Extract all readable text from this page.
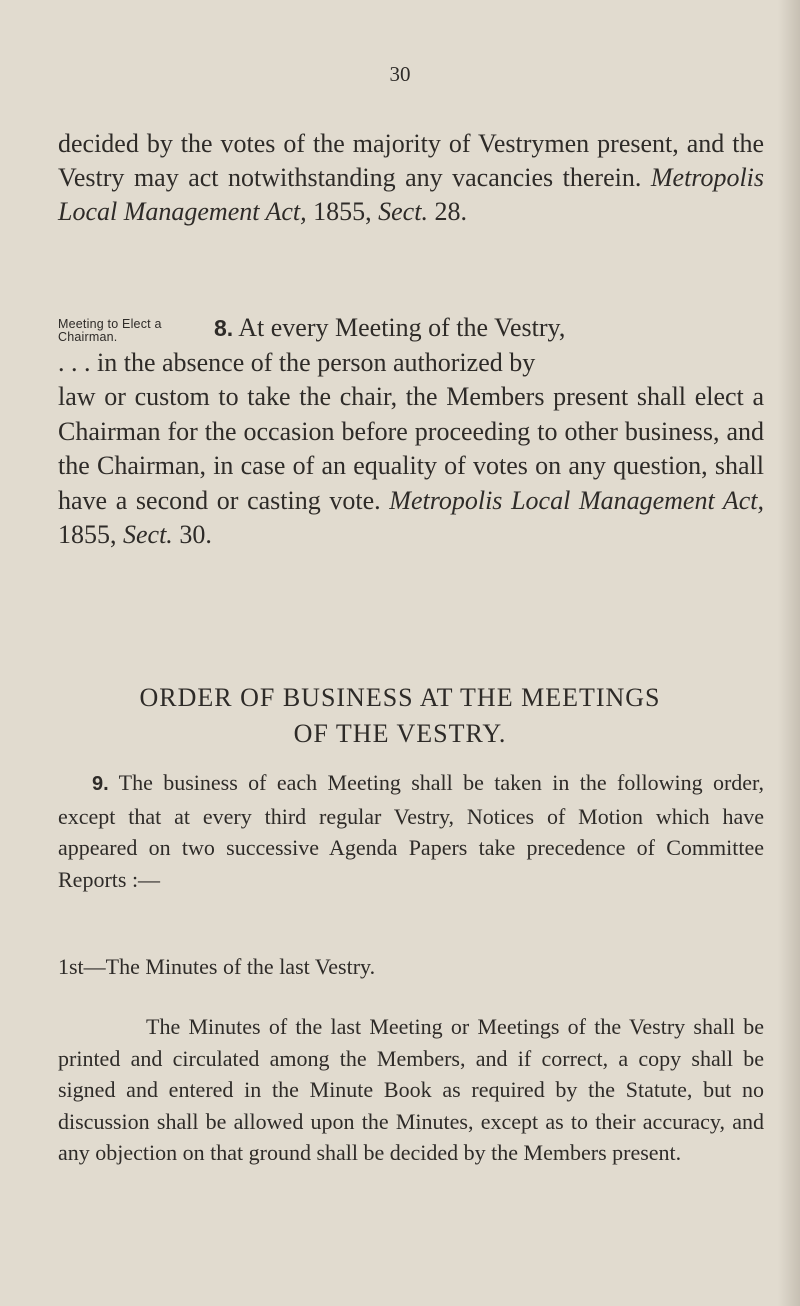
30
decided by the votes of the majority of Vestrymen present, and the Vestry may act notwithstanding any vacancies therein. Metropolis Local Management Act, 1855, Sect. 28.
Meeting to Elect a
Chairman.	8. At every Meeting of the Vestry,
. . . in the absence of the person authorized by
law or custom to take the chair, the Members present shall elect a Chairman for the occasion before proceeding to other business, and the Chairman, in case of an equality of votes on any question, shall have a second or casting vote. Metropolis Local Management Act, 1855, Sect. 30.
ORDER OF BUSINESS AT THE MEETINGS
OF THE VESTRY.
9. The business of each Meeting shall be taken in the following order, except that at every third regular Vestry, Notices of Motion which have appeared on two successive Agenda Papers take precedence of Committee Reports :—
1st—The Minutes of the last Vestry.
The Minutes of the last Meeting or Meetings of the Vestry shall be printed and circulated among the Members, and if correct, a copy shall be signed and entered in the Minute Book as required by the Statute, but no discussion shall be allowed upon the Minutes, except as to their accuracy, and any objection on that ground shall be decided by the Members present.
